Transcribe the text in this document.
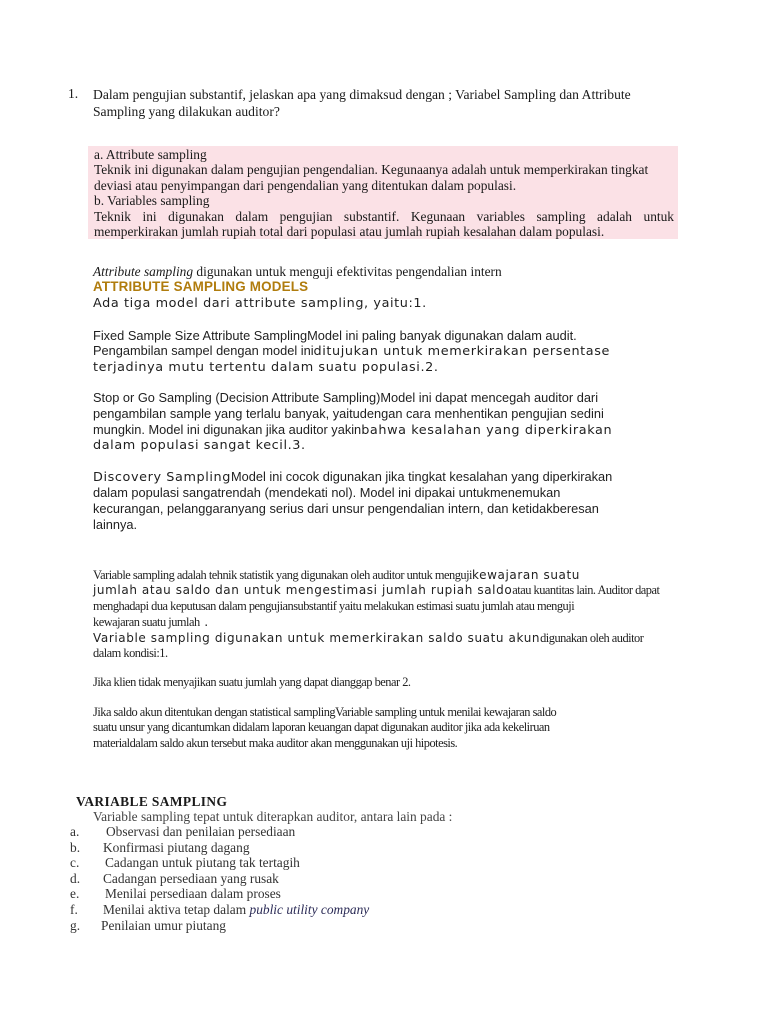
1. Dalam pengujian substantif, jelaskan apa yang dimaksud dengan ; Variabel Sampling dan Attribute
Sampling yang dilakukan auditor?
a. Attribute sampling
Teknik ini digunakan dalam pengujian pengendalian. Kegunaanya adalah untuk memperkirakan tingkat
deviasi atau penyimpangan dari pengendalian yang ditentukan dalam populasi.
b. Variables sampling
Teknik ini digunakan dalam pengujian substantif. Kegunaan variables sampling adalah untuk
memperkirakan jumlah rupiah total dari populasi atau jumlah rupiah kesalahan dalam populasi.
Attribute sampling digunakan untuk menguji efektivitas pengendalian intern
ATTRIBUTE SAMPLING MODELS

Ada tiga model dari attribute sampling, yaitu:1.

Fixed Sample Size Attribute SamplingModel ini paling banyak digunakan dalam audit.

Pengambilan sampel dengan model iniditujukan untuk memerkirakan persentase

terjadinya mutu tertentu dalam suatu populasi.2.

Stop or Go Sampling (Decision Attribute Sampling)Model ini dapat mencegah auditor dari

pengambilan sample yang terlalu banyak, yaitudengan cara menhentikan pengujian sedini

mungkin. Model ini digunakan jika auditor yakinbahwa kesalahan yang diperkirakan

dalam populasi sangat kecil.3.

Discovery SamplingModel ini cocok digunakan jika tingkat kesalahan yang diperkirakan

dalam populasi sangatrendah (mendekati nol). Model ini dipakai untukmenemukan

kecurangan, pelanggaranyang serius dari unsur pengendalian intern, dan ketidakberesan

lainnya.

Variable sampling adalah tehnik statistik yang digunakan oleh auditor untuk mengujikewajaran suatu

jumlah atau saldo dan untuk mengestimasi jumlah rupiah saldoatau kuantitas lain. Auditor dapat

menghadapi dua keputusan dalam pengujiansubstantif yaitu melakukan estimasi suatu jumlah atau menguji

kewajaran suatu jumlah .

Variable sampling digunakan untuk memerkirakan saldo suatu akundigunakan oleh auditor

dalam kondisi:1.

Jika klien tidak menyajikan suatu jumlah yang dapat dianggap benar 2.

Jika saldo akun ditentukan dengan statistical samplingVariable sampling untuk menilai kewajaran saldo

suatu unsur yang dicantumkan didalam laporan keuangan dapat digunakan auditor jika ada kekeliruan

materialdalam saldo akun tersebut maka auditor akan menggunakan uji hipotesis.

VARIABLE SAMPLING
Variable sampling tepat untuk diterapkan auditor, antara lain pada :
a. Observasi dan penilaian persediaan
b. Konfirmasi piutang dagang
c. Cadangan untuk piutang tak tertagih
d. Cadangan persediaan yang rusak
e. Menilai persediaan dalam proses
f. Menilai aktiva tetap dalam public utility company
g. Penilaian umur piutang
